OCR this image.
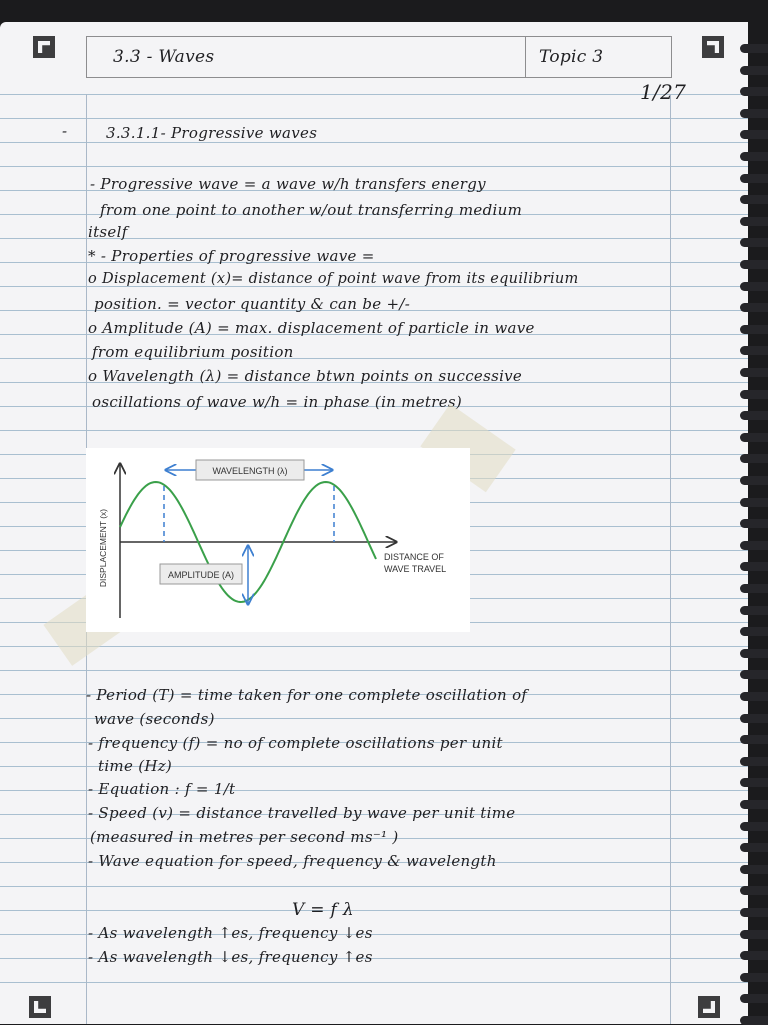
3.3 - Waves	Topic 3
1/27
-	3.3.1.1- Progressive waves
- Progressive wave = a wave w/h transfers energy
from one point to another w/out transferring medium
itself
* - Properties of progressive wave =
o Displacement (x)= distance of point wave from its equilibrium
position. = vector quantity & can be +/-
o Amplitude (A) = max. displacement of particle in wave
from equilibrium position
o Wavelength (λ) = distance btwn points on successive
oscillations of wave w/h = in phase (in metres)
WAVELENGTH (λ)
AMPLITUDE (A)
DISPLACEMENT (x)	DISTANCE OF
WAVE TRAVEL
- Period (T) = time taken for one complete oscillation of
wave (seconds)
- frequency (f) = no of complete oscillations per unit
time (Hz)
- Equation : f = 1/t
- Speed (v) = distance travelled by wave per unit time
(measured in metres per second ms⁻¹ )
- Wave equation for speed, frequency & wavelength
V = f λ
- As wavelength ↑es, frequency ↓es
- As wavelength ↓es, frequency ↑es
